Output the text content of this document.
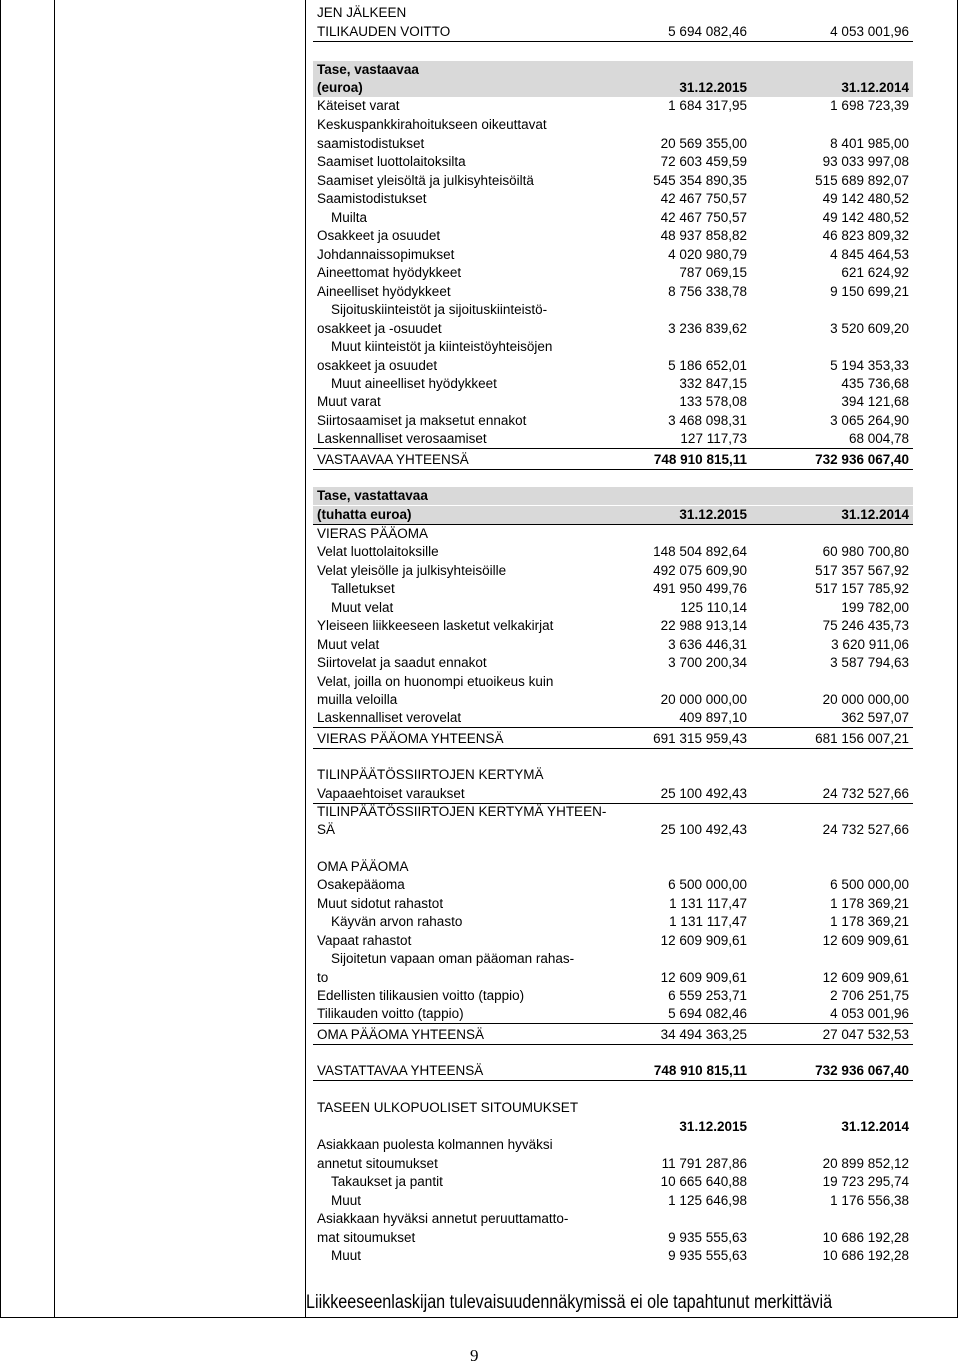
JEN JÄLKEEN
TILIKAUDEN VOITTO	5 694 082,46	4 053 001,96
Tase, vastaavaa
(euroa)	31.12.2015	31.12.2014
Käteiset varat	1 684 317,95	1 698 723,39
Keskuspankkirahoitukseen oikeuttavat
saamistodistukset	20 569 355,00	8 401 985,00
Saamiset luottolaitoksilta	72 603 459,59	93 033 997,08
Saamiset yleisöltä ja julkisyhteisöiltä	545 354 890,35	515 689 892,07
Saamistodistukset	42 467 750,57	49 142 480,52
Muilta	42 467 750,57	49 142 480,52
Osakkeet ja osuudet	48 937 858,82	46 823 809,32
Johdannaissopimukset	4 020 980,79	4 845 464,53
Aineettomat hyödykkeet	787 069,15	621 624,92
Aineelliset hyödykkeet	8 756 338,78	9 150 699,21
Sijoituskiinteistöt ja sijoituskiinteistö-
osakkeet ja -osuudet	3 236 839,62	3 520 609,20
Muut kiinteistöt ja kiinteistöyhteisöjen
osakkeet ja osuudet	5 186 652,01	5 194 353,33
Muut aineelliset hyödykkeet	332 847,15	435 736,68
Muut varat	133 578,08	394 121,68
Siirtosaamiset ja maksetut ennakot	3 468 098,31	3 065 264,90
Laskennalliset verosaamiset	127 117,73	68 004,78
VASTAAVAA YHTEENSÄ	748 910 815,11	732 936 067,40
Tase, vastattavaa
(tuhatta euroa)	31.12.2015	31.12.2014
VIERAS PÄÄOMA
Velat luottolaitoksille	148 504 892,64	60 980 700,80
Velat yleisölle ja julkisyhteisöille	492 075 609,90	517 357 567,92
Talletukset	491 950 499,76	517 157 785,92
Muut velat	125 110,14	199 782,00
Yleiseen liikkeeseen lasketut velkakirjat	22 988 913,14	75 246 435,73
Muut velat	3 636 446,31	3 620 911,06
Siirtovelat ja saadut ennakot	3 700 200,34	3 587 794,63
Velat, joilla on huonompi etuoikeus kuin
muilla veloilla	20 000 000,00	20 000 000,00
Laskennalliset verovelat	409 897,10	362 597,07
VIERAS PÄÄOMA YHTEENSÄ	691 315 959,43	681 156 007,21
TILINPÄÄTÖSSIIRTOJEN KERTYMÄ
Vapaaehtoiset varaukset	25 100 492,43	24 732 527,66
TILINPÄÄTÖSSIIRTOJEN KERTYMÄ YHTEEN-
SÄ	25 100 492,43	24 732 527,66
OMA PÄÄOMA
Osakepääoma	6 500 000,00	6 500 000,00
Muut sidotut rahastot	1 131 117,47	1 178 369,21
Käyvän arvon rahasto	1 131 117,47	1 178 369,21
Vapaat rahastot	12 609 909,61	12 609 909,61
Sijoitetun vapaan oman pääoman rahas-
to	12 609 909,61	12 609 909,61
Edellisten tilikausien voitto (tappio)	6 559 253,71	2 706 251,75
Tilikauden voitto (tappio)	5 694 082,46	4 053 001,96
OMA PÄÄOMA YHTEENSÄ	34 494 363,25	27 047 532,53
VASTATTAVAA YHTEENSÄ	748 910 815,11	732 936 067,40
TASEEN ULKOPUOLISET SITOUMUKSET
31.12.2015	31.12.2014
Asiakkaan puolesta kolmannen hyväksi
annetut sitoumukset	11 791 287,86	20 899 852,12
Takaukset ja pantit	10 665 640,88	19 723 295,74
Muut	1 125 646,98	1 176 556,38
Asiakkaan hyväksi annetut peruuttamatto-
mat sitoumukset	9 935 555,63	10 686 192,28
Muut	9 935 555,63	10 686 192,28
Liikkeeseenlaskijan tulevaisuudennäkymissä ei ole tapahtunut merkittäviä
9
